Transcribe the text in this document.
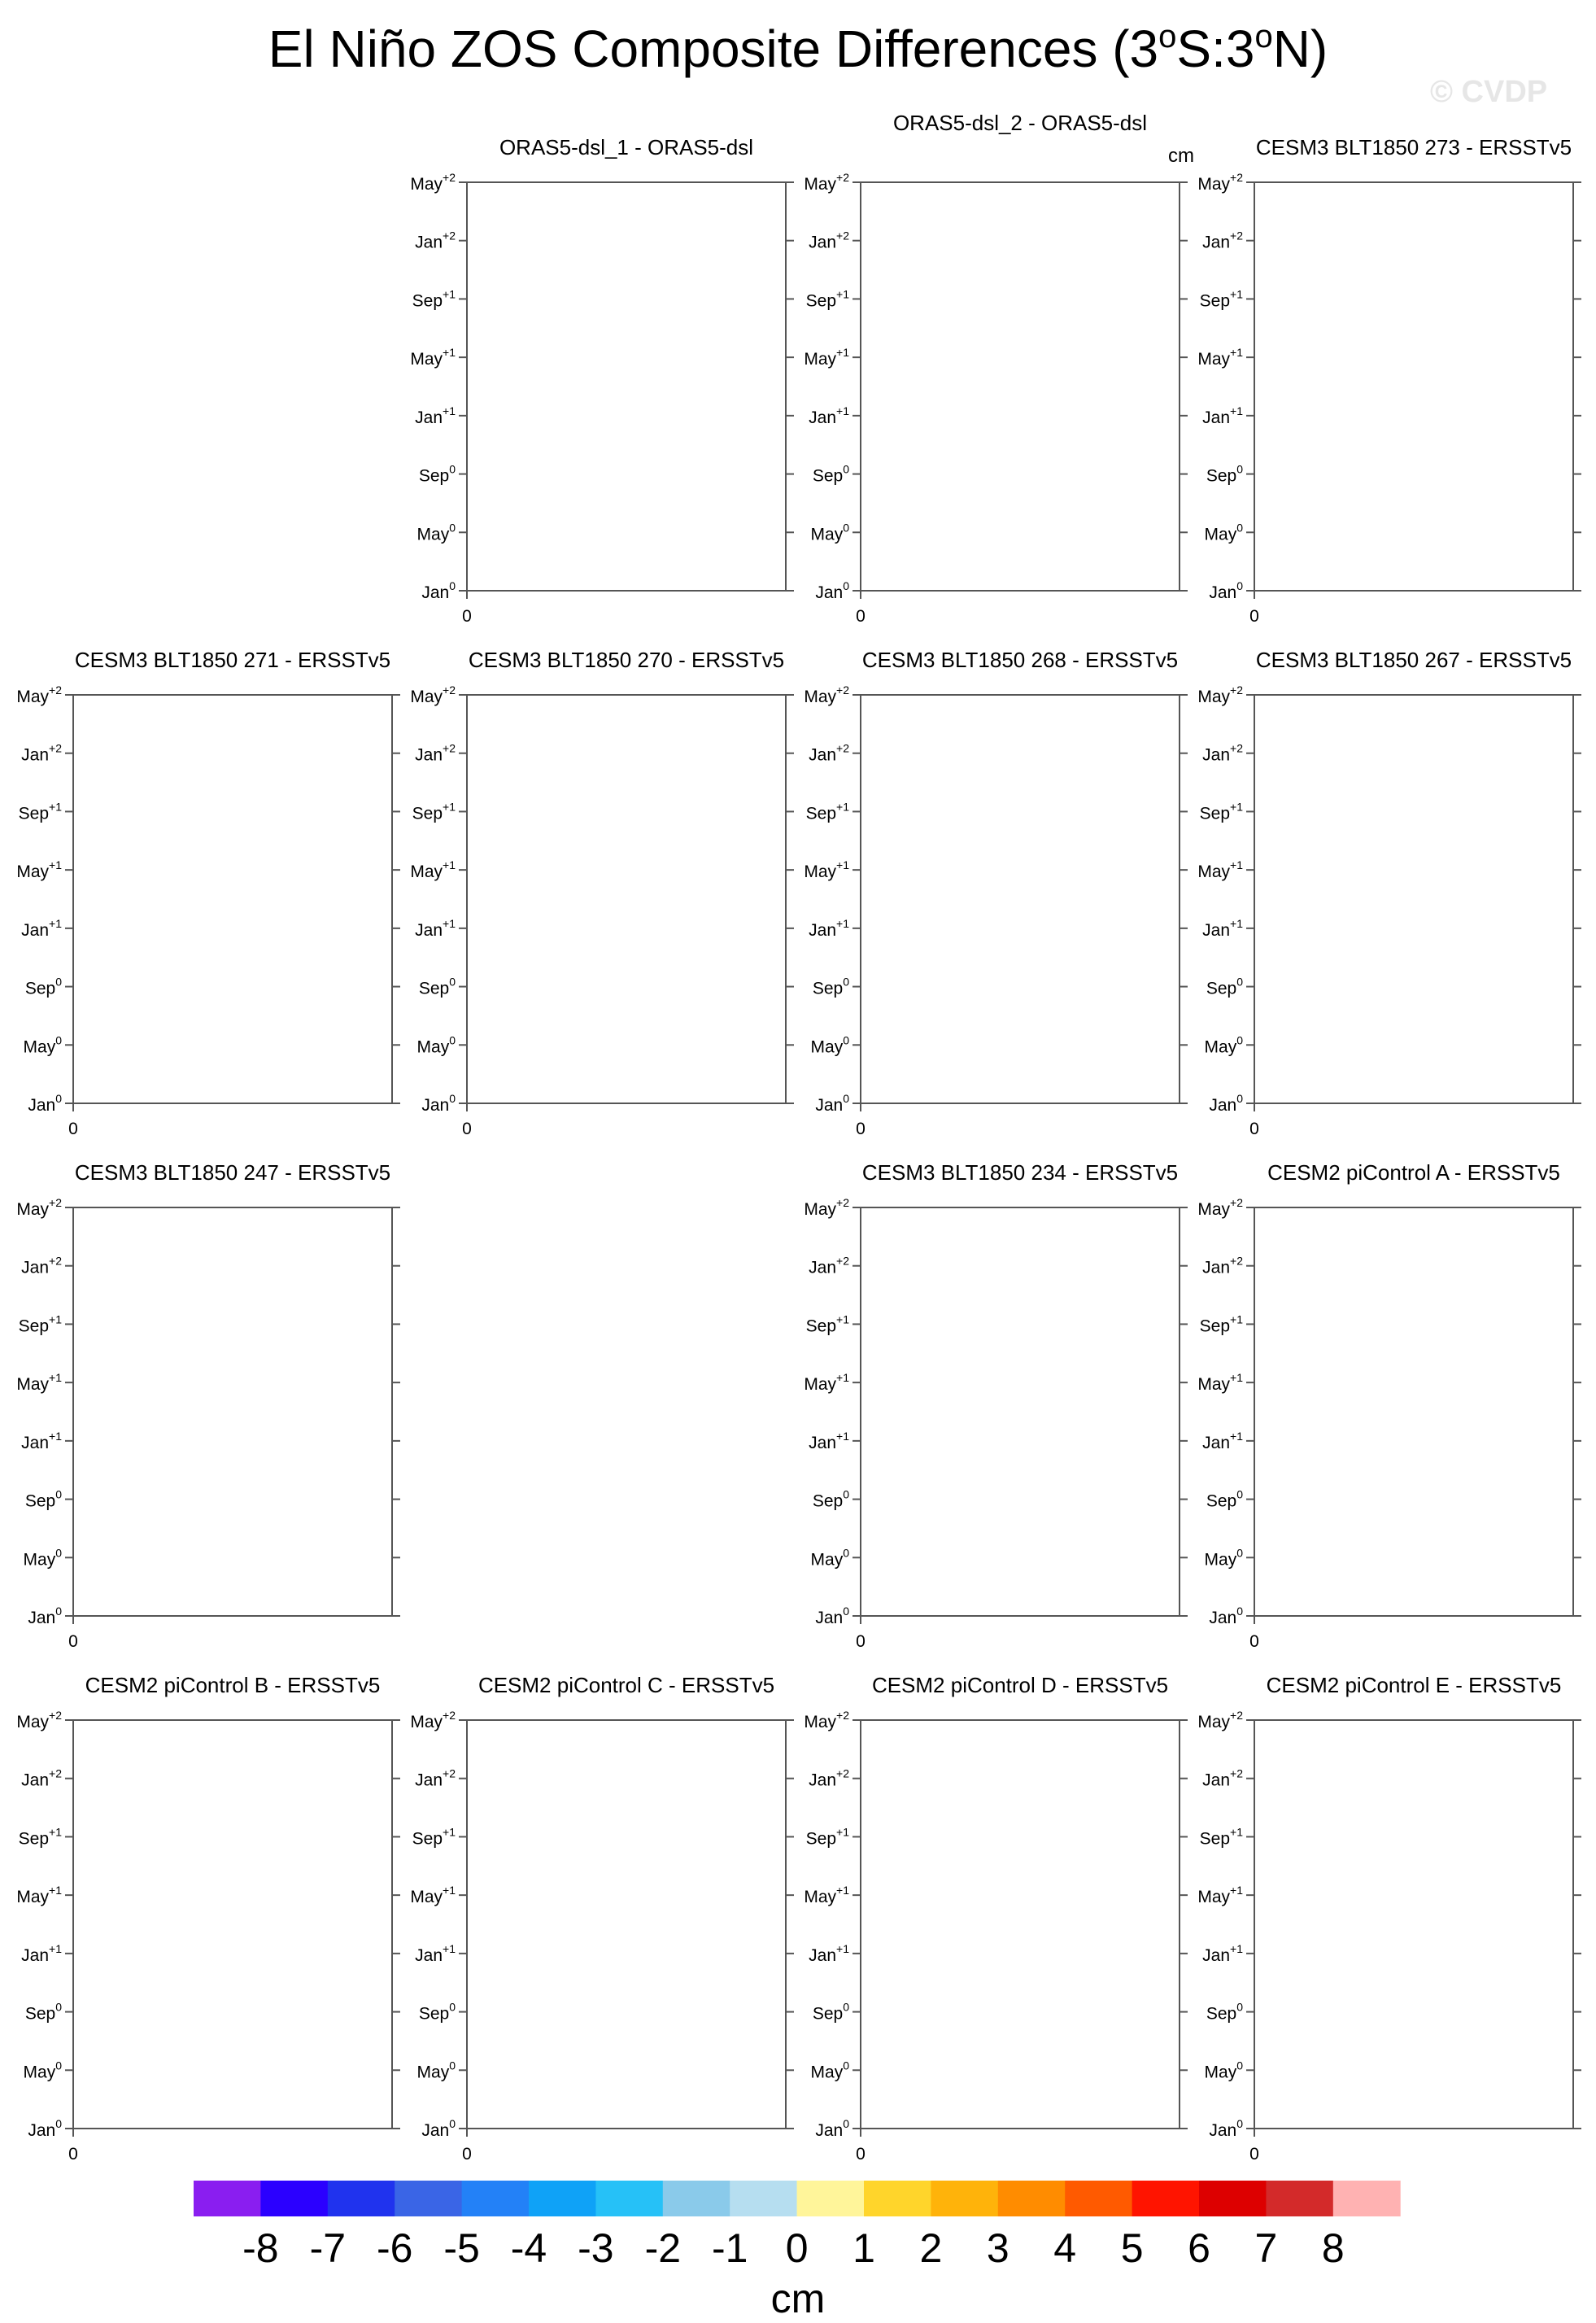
El Niño ZOS Composite Differences (3$^o$S:3$^o$N)
ORAS5-dsl_1 - ORAS5-dsl
Jan$^0$
May$^0$
Sep$^0$
Jan$^{+1}$
May$^{+1}$
Sep$^{+1}$
Jan$^{+2}$
May$^{+2}$
0
ORAS5-dsl_2 - ORAS5-dsl
Jan$^0$
May$^0$
Sep$^0$
Jan$^{+1}$
May$^{+1}$
Sep$^{+1}$
Jan$^{+2}$
May$^{+2}$
0
CESM3 BLT1850 273 - ERSSTv5
Jan$^0$
May$^0$
Sep$^0$
Jan$^{+1}$
May$^{+1}$
Sep$^{+1}$
Jan$^{+2}$
May$^{+2}$
0
CESM3 BLT1850 271 - ERSSTv5
Jan$^0$
May$^0$
Sep$^0$
Jan$^{+1}$
May$^{+1}$
Sep$^{+1}$
Jan$^{+2}$
May$^{+2}$
0
CESM3 BLT1850 270 - ERSSTv5
Jan$^0$
May$^0$
Sep$^0$
Jan$^{+1}$
May$^{+1}$
Sep$^{+1}$
Jan$^{+2}$
May$^{+2}$
0
CESM3 BLT1850 268 - ERSSTv5
Jan$^0$
May$^0$
Sep$^0$
Jan$^{+1}$
May$^{+1}$
Sep$^{+1}$
Jan$^{+2}$
May$^{+2}$
0
CESM3 BLT1850 267 - ERSSTv5
Jan$^0$
May$^0$
Sep$^0$
Jan$^{+1}$
May$^{+1}$
Sep$^{+1}$
Jan$^{+2}$
May$^{+2}$
0
CESM3 BLT1850 247 - ERSSTv5
Jan$^0$
May$^0$
Sep$^0$
Jan$^{+1}$
May$^{+1}$
Sep$^{+1}$
Jan$^{+2}$
May$^{+2}$
0
CESM3 BLT1850 234 - ERSSTv5
Jan$^0$
May$^0$
Sep$^0$
Jan$^{+1}$
May$^{+1}$
Sep$^{+1}$
Jan$^{+2}$
May$^{+2}$
0
CESM2 piControl A - ERSSTv5
Jan$^0$
May$^0$
Sep$^0$
Jan$^{+1}$
May$^{+1}$
Sep$^{+1}$
Jan$^{+2}$
May$^{+2}$
0
CESM2 piControl B - ERSSTv5
Jan$^0$
May$^0$
Sep$^0$
Jan$^{+1}$
May$^{+1}$
Sep$^{+1}$
Jan$^{+2}$
May$^{+2}$
0
CESM2 piControl C - ERSSTv5
Jan$^0$
May$^0$
Sep$^0$
Jan$^{+1}$
May$^{+1}$
Sep$^{+1}$
Jan$^{+2}$
May$^{+2}$
0
CESM2 piControl D - ERSSTv5
Jan$^0$
May$^0$
Sep$^0$
Jan$^{+1}$
May$^{+1}$
Sep$^{+1}$
Jan$^{+2}$
May$^{+2}$
0
CESM2 piControl E - ERSSTv5
Jan$^0$
May$^0$
Sep$^0$
Jan$^{+1}$
May$^{+1}$
Sep$^{+1}$
Jan$^{+2}$
May$^{+2}$
0
cm
-8 -7 -6 -5 -4 -3 -2 -1 0 1 2 3 4 5 6 7 8
cm
© CVDP
